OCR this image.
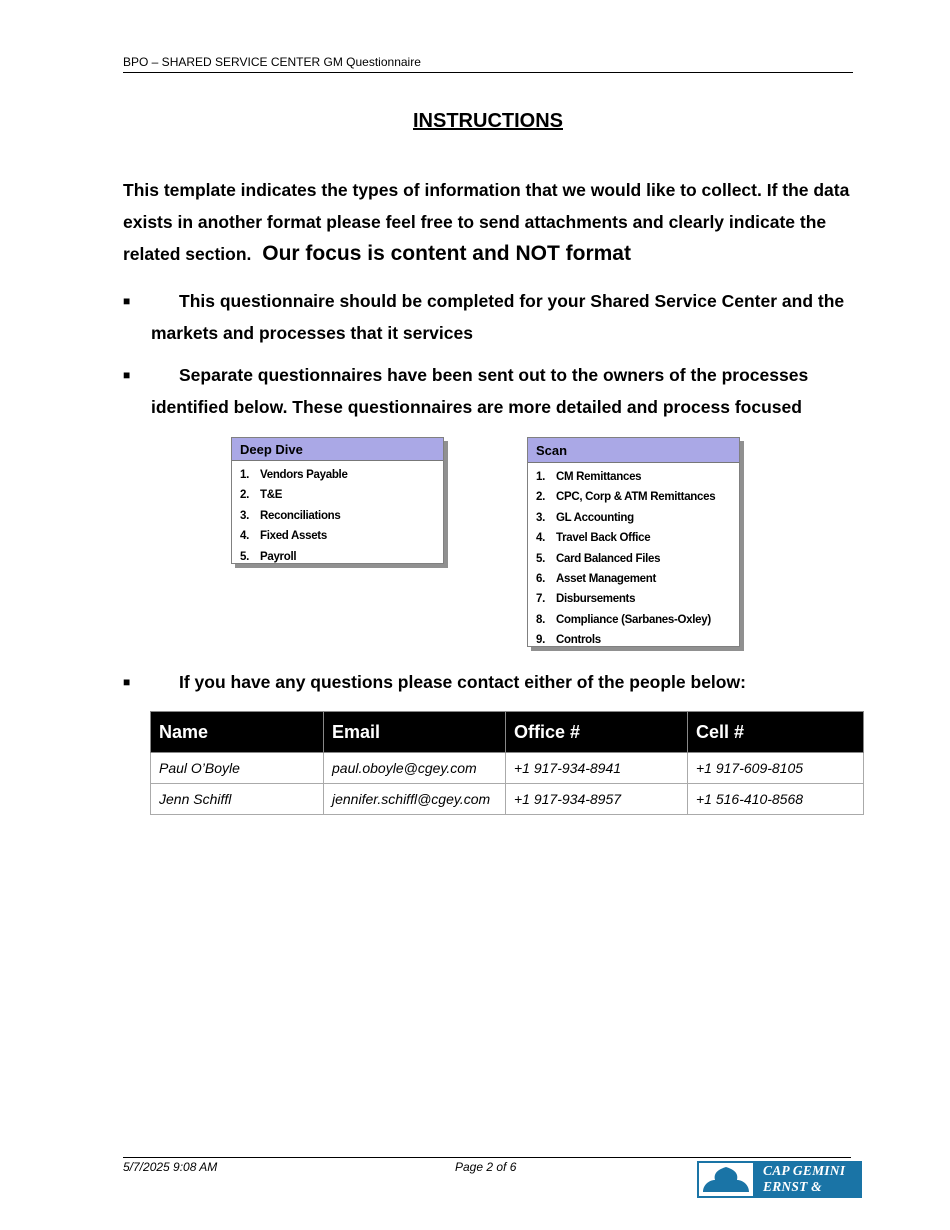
BPO – SHARED SERVICE CENTER GM Questionnaire
INSTRUCTIONS
This template indicates the types of information that we would like to collect. If the data exists in another format please feel free to send attachments and clearly indicate the related section. Our focus is content and NOT format
■	This questionnaire should be completed for your Shared Service Center and the markets and processes that it services
■	Separate questionnaires have been sent out to the owners of the processes identified below. These questionnaires are more detailed and process focused
Deep Dive
1. Vendors Payable
2. T&E
3. Reconciliations
4. Fixed Assets
5. Payroll
Scan
1. CM Remittances
2. CPC, Corp & ATM Remittances
3. GL Accounting
4. Travel Back Office
5. Card Balanced Files
6. Asset Management
7. Disbursements
8. Compliance (Sarbanes-Oxley)
9. Controls
■	If you have any questions please contact either of the people below:
Name	Email	Office #	Cell #
Paul O’Boyle	paul.oboyle@cgey.com	+1 917-934-8941	+1 917-609-8105
Jenn Schiffl	jennifer.schiffl@cgey.com	+1 917-934-8957	+1 516-410-8568
5/7/2025 9:08 AM	Page 2 of 6	CAP GEMINI
ERNST & YOUNG
